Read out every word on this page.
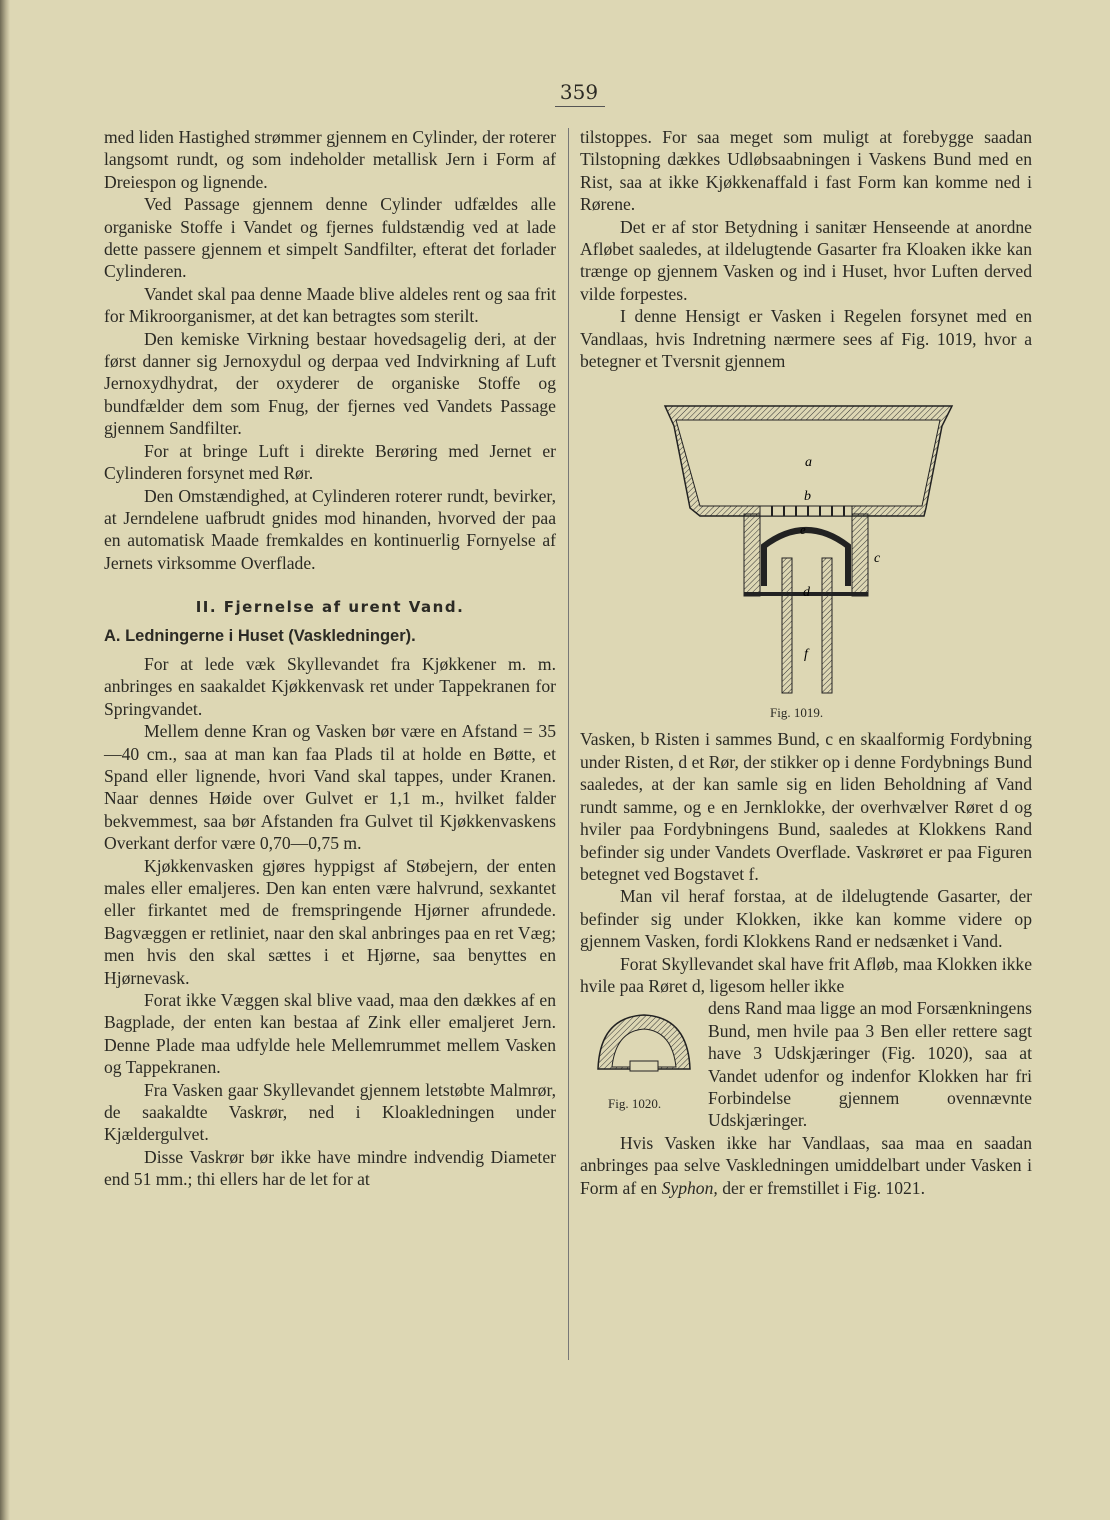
359

med liden Hastighed strømmer gjennem en Cylinder, der roterer langsomt rundt, og som indeholder metallisk Jern i Form af Dreiespon og lignende.

Ved Passage gjennem denne Cylinder udfældes alle organiske Stoffe i Vandet og fjernes fuldstændig ved at lade dette passere gjennem et simpelt Sandfilter, efterat det forlader Cylinderen.

Vandet skal paa denne Maade blive aldeles rent og saa frit for Mikroorganismer, at det kan betragtes som sterilt.

Den kemiske Virkning bestaar hovedsagelig deri, at der først danner sig Jernoxydul og derpaa ved Indvirkning af Luft Jernoxydhydrat, der oxyderer de organiske Stoffe og bundfælder dem som Fnug, der fjernes ved Vandets Passage gjennem Sandfilter.

For at bringe Luft i direkte Berøring med Jernet er Cylinderen forsynet med Rør.

Den Omstændighed, at Cylinderen roterer rundt, bevirker, at Jerndelene uafbrudt gnides mod hinanden, hvorved der paa en automatisk Maade fremkaldes en kontinuerlig Fornyelse af Jernets virksomme Overflade.

II. Fjernelse af urent Vand.
A. Ledningerne i Huset (Vaskledninger).

For at lede væk Skyllevandet fra Kjøkkener m. m. anbringes en saakaldet Kjøkkenvask ret under Tappekranen for Springvandet.

Mellem denne Kran og Vasken bør være en Afstand = 35—40 cm., saa at man kan faa Plads til at holde en Bøtte, et Spand eller lignende, hvori Vand skal tappes, under Kranen. Naar dennes Høide over Gulvet er 1,1 m., hvilket falder bekvemmest, saa bør Afstanden fra Gulvet til Kjøkkenvaskens Overkant derfor være 0,70—0,75 m.

Kjøkkenvasken gjøres hyppigst af Støbejern, der enten males eller emaljeres. Den kan enten være halvrund, sexkantet eller firkantet med de fremspringende Hjørner afrundede. Bagvæggen er retliniet, naar den skal anbringes paa en ret Væg; men hvis den skal sættes i et Hjørne, saa benyttes en Hjørnevask.

Forat ikke Væggen skal blive vaad, maa den dækkes af en Bagplade, der enten kan bestaa af Zink eller emaljeret Jern. Denne Plade maa udfylde hele Mellemrummet mellem Vasken og Tappekranen.

Fra Vasken gaar Skyllevandet gjennem letstøbte Malmrør, de saakaldte Vaskrør, ned i Kloakledningen under Kjældergulvet.

Disse Vaskrør bør ikke have mindre indvendig Diameter end 51 mm.; thi ellers har de let for at

tilstoppes. For saa meget som muligt at forebygge saadan Tilstopning dækkes Udløbsaabningen i Vaskens Bund med en Rist, saa at ikke Kjøkkenaffald i fast Form kan komme ned i Rørene.

Det er af stor Betydning i sanitær Henseende at anordne Afløbet saaledes, at ildelugtende Gasarter fra Kloaken ikke kan trænge op gjennem Vasken og ind i Huset, hvor Luften derved vilde forpestes.

I denne Hensigt er Vasken i Regelen forsynet med en Vandlaas, hvis Indretning nærmere sees af Fig. 1019, hvor a betegner et Tversnit gjennem

a
b
c
d
e
f
Fig. 1019.

Vasken, b Risten i sammes Bund, c en skaalformig Fordybning under Risten, d et Rør, der stikker op i denne Fordybnings Bund saaledes, at der kan samle sig en liden Beholdning af Vand rundt samme, og e en Jernklokke, der overhvælver Røret d og hviler paa Fordybningens Bund, saaledes at Klokkens Rand befinder sig under Vandets Overflade. Vaskrøret er paa Figuren betegnet ved Bogstavet f.

Man vil heraf forstaa, at de ildelugtende Gasarter, der befinder sig under Klokken, ikke kan komme videre op gjennem Vasken, fordi Klokkens Rand er nedsænket i Vand.

Forat Skyllevandet skal have frit Afløb, maa Klokken ikke hvile paa Røret d, ligesom heller ikke

Fig. 1020.

dens Rand maa ligge an mod Forsænkningens Bund, men hvile paa 3 Ben eller rettere sagt have 3 Udskjæringer (Fig. 1020), saa at Vandet udenfor og indenfor Klokken har fri Forbindelse gjennem ovennævnte Udskjæringer.

Hvis Vasken ikke har Vandlaas, saa maa en saadan anbringes paa selve Vaskledningen umiddelbart under Vasken i Form af en Syphon, der er fremstillet i Fig. 1021.
